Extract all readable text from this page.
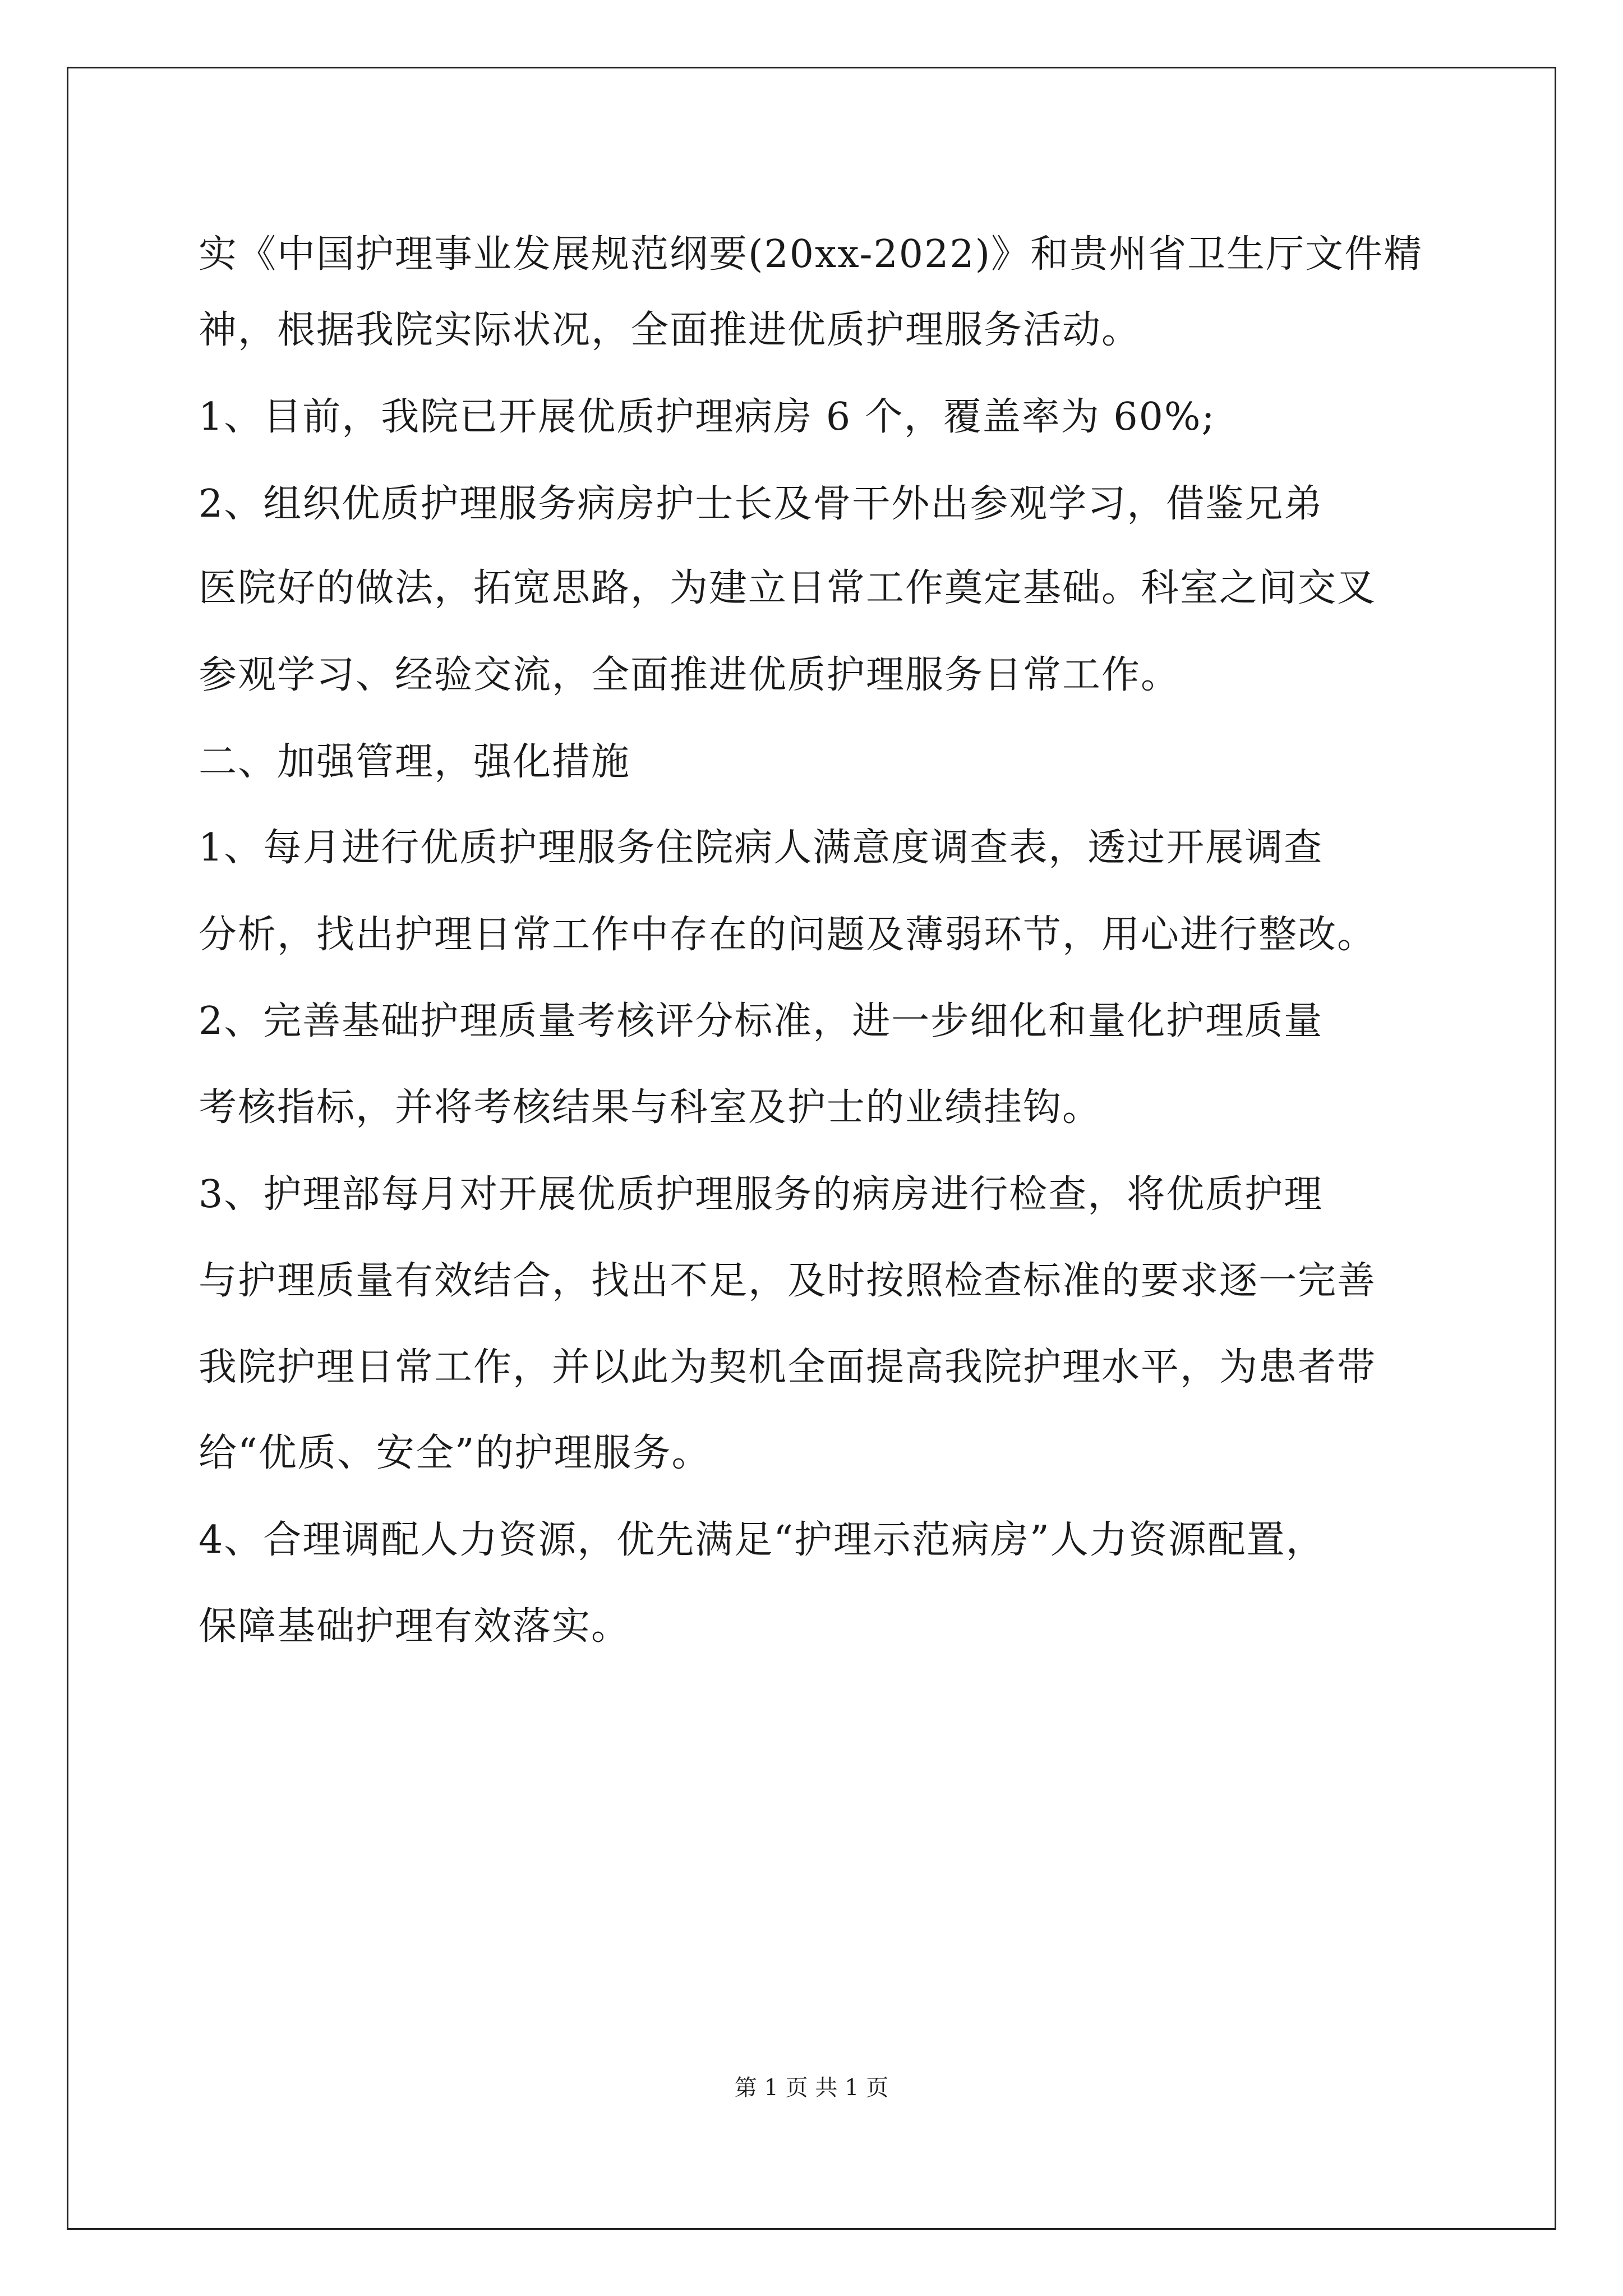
实《中国护理事业发展规范纲要(20xx-2022)》和贵州省卫生厅文件精
神，根据我院实际状况，全面推进优质护理服务活动。
1、目前，我院已开展优质护理病房 6 个，覆盖率为 60%;
2、组织优质护理服务病房护士长及骨干外出参观学习，借鉴兄弟
医院好的做法，拓宽思路，为建立日常工作奠定基础。科室之间交叉
参观学习、经验交流，全面推进优质护理服务日常工作。
二、加强管理，强化措施
1、每月进行优质护理服务住院病人满意度调查表，透过开展调查
分析，找出护理日常工作中存在的问题及薄弱环节，用心进行整改。
2、完善基础护理质量考核评分标准，进一步细化和量化护理质量
考核指标，并将考核结果与科室及护士的业绩挂钩。
3、护理部每月对开展优质护理服务的病房进行检查，将优质护理
与护理质量有效结合，找出不足，及时按照检查标准的要求逐一完善
我院护理日常工作，并以此为契机全面提高我院护理水平，为患者带
给“优质、安全”的护理服务。
4、合理调配人力资源，优先满足“护理示范病房”人力资源配置，
保障基础护理有效落实。
第 1 页 共 1 页
